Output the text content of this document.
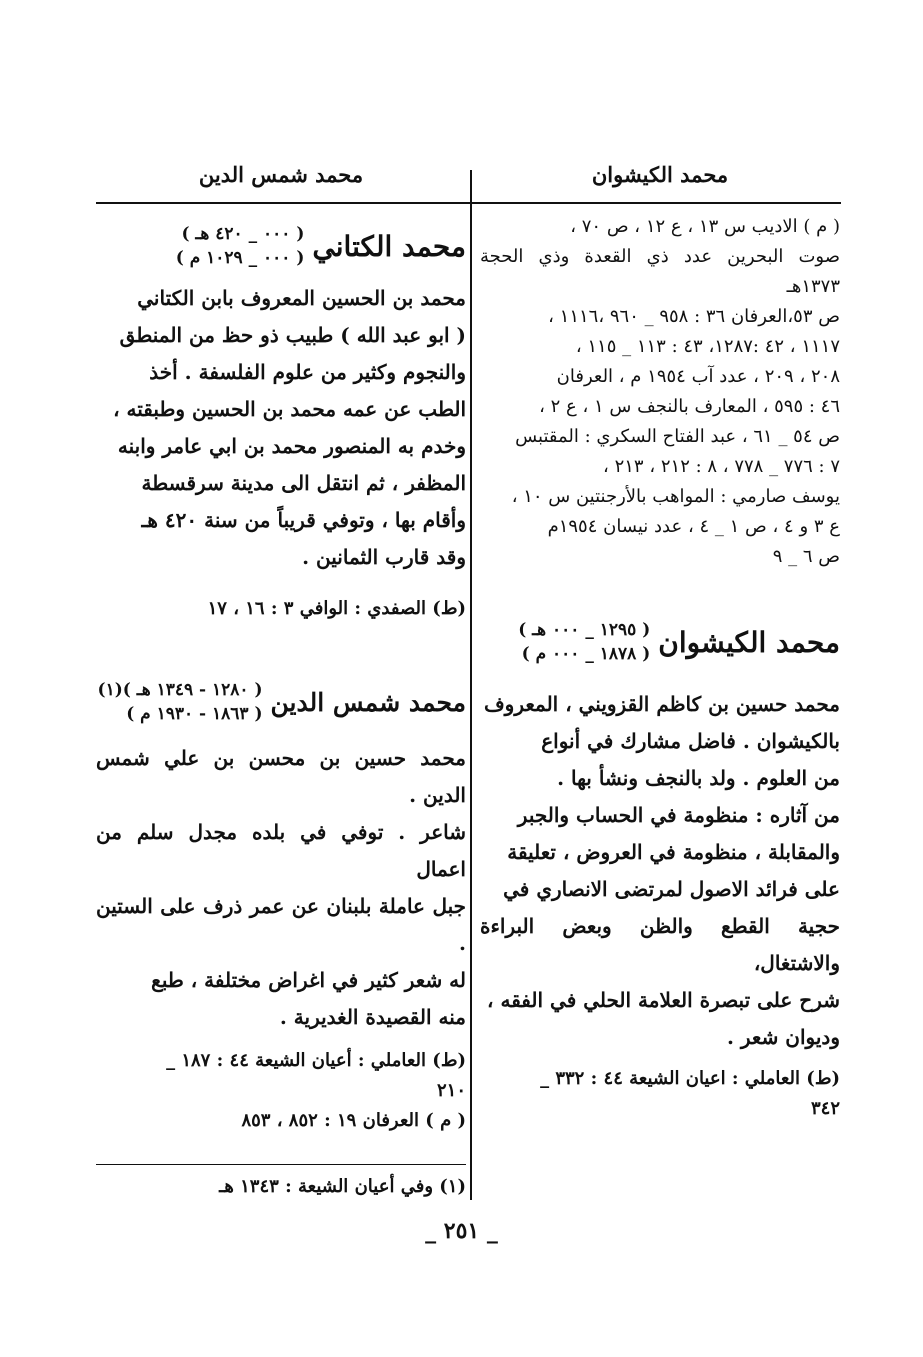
محمد الكيشوان
محمد شمس الدين

( م ) الاديب س ١٣ ، ع ١٢ ، ص ٧٠ ،

صوت البحرين عدد ذي القعدة وذي الحجة ١٣٧٣هـ

ص ٥٣،العرفان ٣٦ : ٩٥٨ _ ٩٦٠ ،١١١٦ ،

١١١٧ ، ٤٢ :١٢٨٧، ٤٣ : ١١٣ _ ١١٥ ،

٢٠٨ ، ٢٠٩ ، عدد آب ١٩٥٤ م ، العرفان

٤٦ : ٥٩٥ ، المعارف بالنجف س ١ ، ع ٢ ،

ص ٥٤ _ ٦١ ، عبد الفتاح السكري : المقتبس

٧ : ٧٧٦ _ ٧٧٨ ، ٨ : ٢١٢ ، ٢١٣ ،

يوسف صارمي : المواهب بالأرجنتين س ١٠ ،

ع ٣ و ٤ ، ص ١ _ ٤ ، عدد نيسان ١٩٥٤م

ص ٦ _ ٩

محمد الكيشوان
( ١٢٩٥ _ ٠٠٠ هـ )
( ١٨٧٨ _ ٠٠٠ م )

محمد حسين بن كاظم القزويني ، المعروف

بالكيشوان . فاضل مشارك في أنواع

من العلوم . ولد بالنجف ونشأ بها .

من آثاره : منظومة في الحساب والجبر

والمقابلة ، منظومة في العروض ، تعليقة

على فرائد الاصول لمرتضى الانصاري في

حجية القطع والظن وبعض البراءة والاشتغال،

شرح على تبصرة العلامة الحلي في الفقه ،

وديوان شعر .

(ط) العاملي : اعيان الشيعة ٤٤ : ٣٣٢ _

٣٤٢

محمد الكتاني
( ٠٠٠ _ ٤٢٠ هـ )
( ٠٠٠ _ ١٠٢٩ م )

محمد بن الحسين المعروف بابن الكتاني

( ابو عبد الله ) طبيب ذو حظ من المنطق

والنجوم وكثير من علوم الفلسفة . أخذ

الطب عن عمه محمد بن الحسين وطبقته ،

وخدم به المنصور محمد بن ابي عامر وابنه

المظفر ، ثم انتقل الى مدينة سرقسطة

وأقام بها ، وتوفي قريباً من سنة ٤٢٠ هـ

وقد قارب الثمانين .

(ط) الصفدي : الوافي ٣ : ١٦ ، ١٧

محمد شمس الدين
( ١٢٨٠ - ١٣٤٩ هـ )(١)
( ١٨٦٣ - ١٩٣٠ م )

محمد حسين بن محسن بن علي شمس الدين .

شاعر . توفي في بلده مجدل سلم من اعمال

جبل عاملة بلبنان عن عمر ذرف على الستين .

له شعر كثير في اغراض مختلفة ، طبع

منه القصيدة الغديرية .

(ط) العاملي : أعيان الشيعة ٤٤ : ١٨٧ _

٢١٠

( م ) العرفان ١٩ : ٨٥٢ ، ٨٥٣

(١) وفي أعيان الشيعة : ١٣٤٣ هـ
_ ٢٥١ _
